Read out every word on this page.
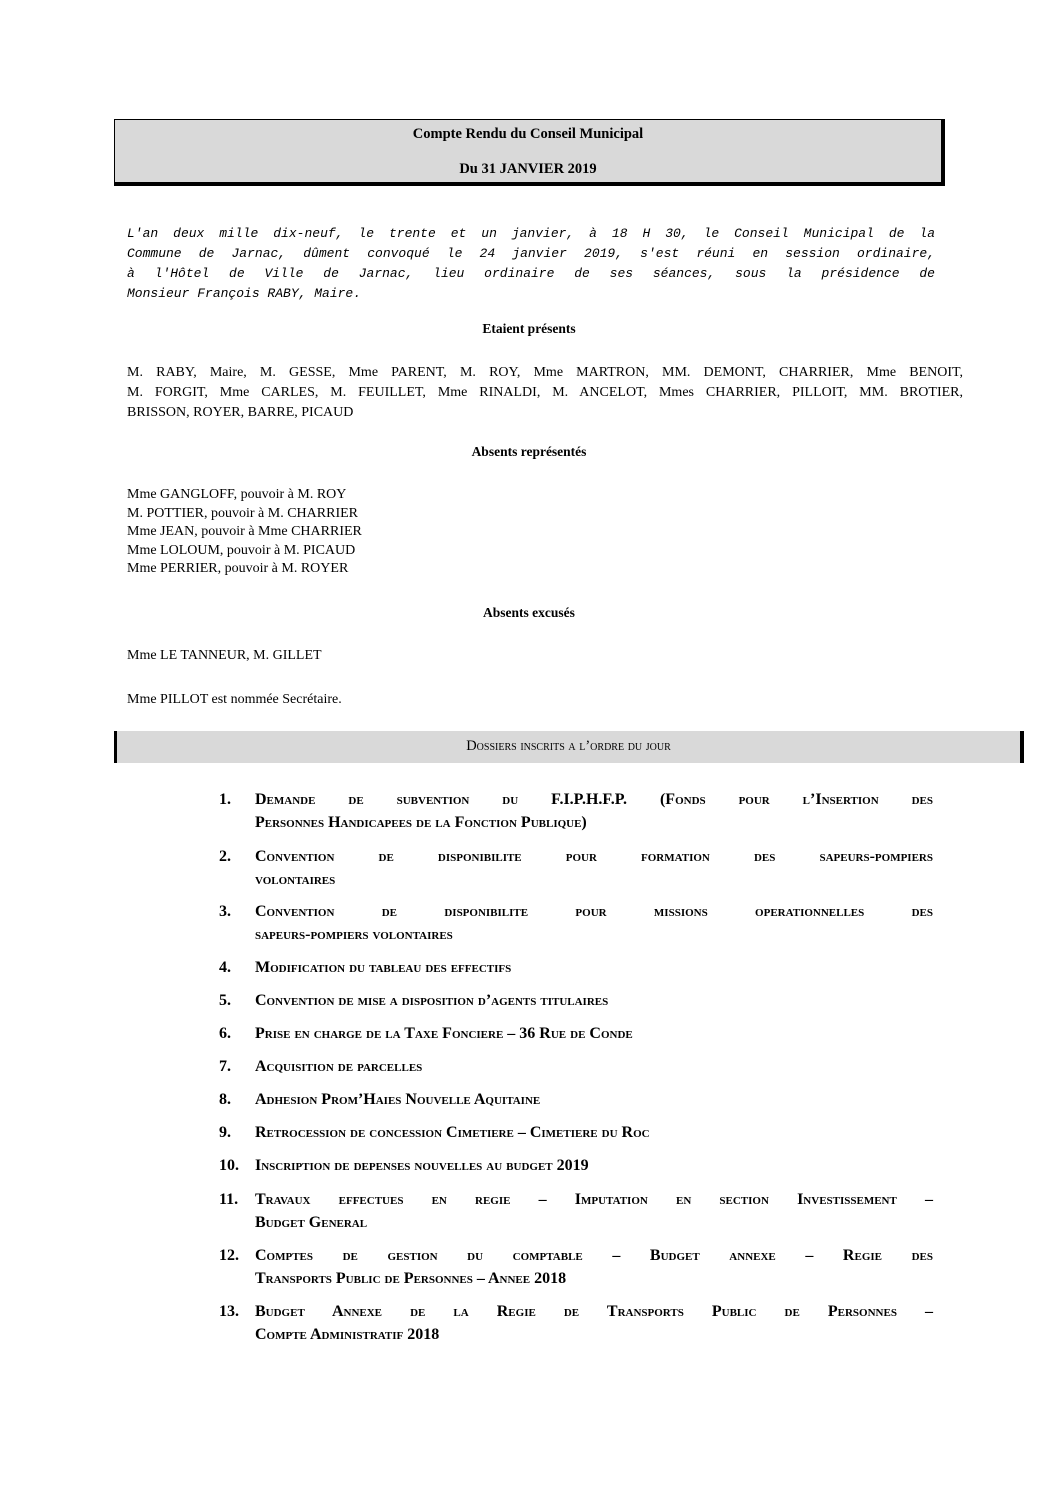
Compte Rendu du Conseil Municipal
Du 31 JANVIER 2019
L'an deux mille dix-neuf, le trente et un janvier, à 18 H 30, le Conseil Municipal de la
Commune de Jarnac, dûment convoqué le 24 janvier 2019, s'est réuni en session ordinaire,
à l'Hôtel de Ville de Jarnac, lieu ordinaire de ses séances, sous la présidence de
Monsieur François RABY, Maire.
Etaient présents
M. RABY, Maire, M. GESSE, Mme PARENT, M. ROY, Mme MARTRON, MM. DEMONT, CHARRIER, Mme BENOIT,
M. FORGIT, Mme CARLES, M. FEUILLET, Mme RINALDI, M. ANCELOT, Mmes CHARRIER, PILLOIT, MM. BROTIER,
BRISSON, ROYER, BARRE, PICAUD
Absents représentés
Mme GANGLOFF, pouvoir à M. ROY
M. POTTIER, pouvoir à M. CHARRIER
Mme JEAN, pouvoir à Mme CHARRIER
Mme LOLOUM, pouvoir à M. PICAUD
Mme PERRIER, pouvoir à M. ROYER
Absents excusés
Mme LE TANNEUR, M. GILLET
Mme PILLOT est nommée Secrétaire.
Dossiers inscrits a l’ordre du jour
1.	Demande de subvention du F.I.P.H.F.P. (Fonds pour l’Insertion des
Personnes Handicapees de la Fonction Publique)
2.	Convention de disponibilite pour formation des sapeurs-pompiers
volontaires
3.	Convention de disponibilite pour missions operationnelles des
sapeurs-pompiers volontaires
4.	Modification du tableau des effectifs
5.	Convention de mise a disposition d’agents titulaires
6.	Prise en charge de la Taxe Fonciere – 36 Rue de Conde
7.	Acquisition de parcelles
8.	Adhesion Prom’Haies Nouvelle Aquitaine
9.	Retrocession de concession Cimetiere – Cimetiere du Roc
10.	Inscription de depenses nouvelles au budget 2019
11.	Travaux effectues en regie – Imputation en section Investissement –
Budget General
12.	Comptes de gestion du comptable – Budget annexe – Regie des
Transports Public de Personnes – Annee 2018
13.	Budget Annexe de la Regie de Transports Public de Personnes –
Compte Administratif 2018
